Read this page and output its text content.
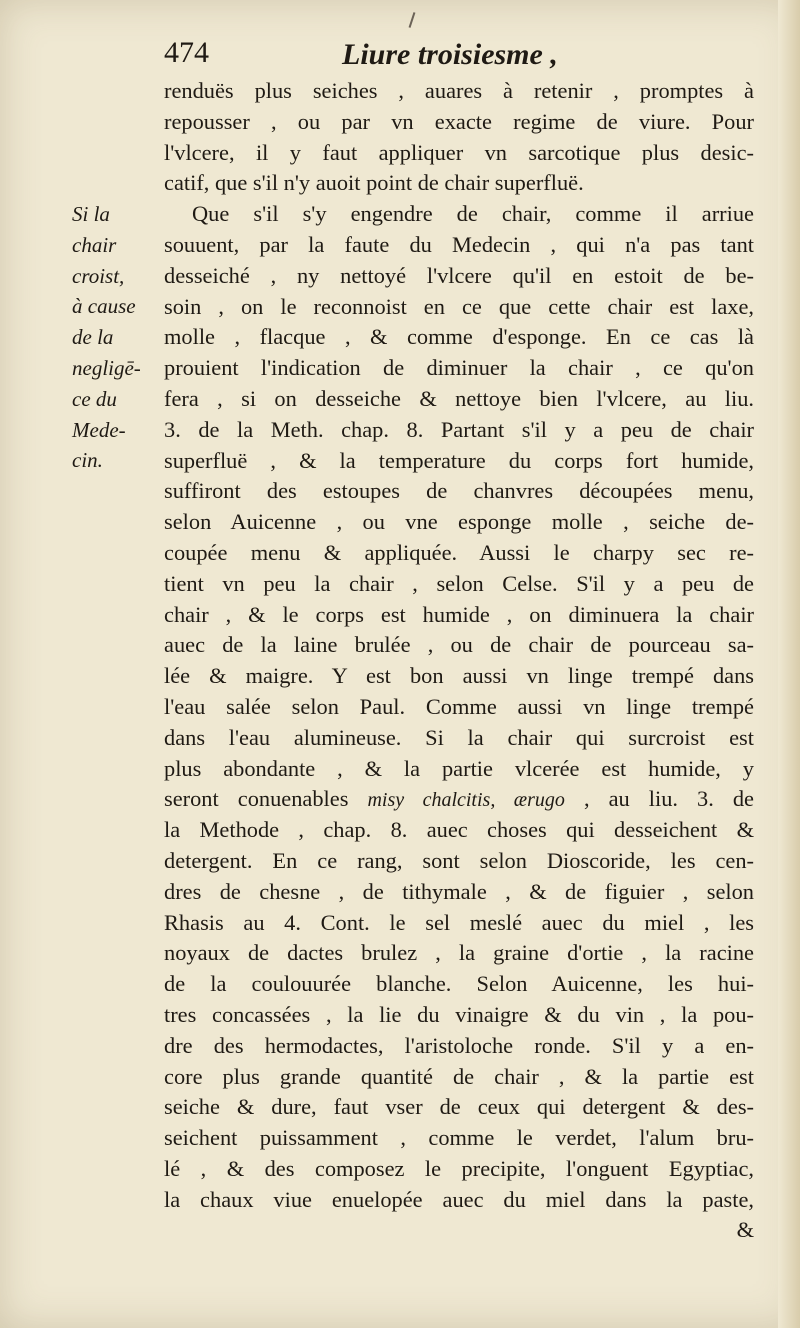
474	Liure troisiesme ,
Si la
chair
croist,
à cause
de la
negligē-
ce du
Mede-
cin.
renduës plus seiches , auares à retenir , promptes à
repousser , ou par vn exacte regime de viure. Pour
l'vlcere, il y faut appliquer vn sarcotique plus desic-
catif, que s'il n'y auoit point de chair superfluë.
Que s'il s'y engendre de chair, comme il arriue
souuent, par la faute du Medecin , qui n'a pas tant
desseiché , ny nettoyé l'vlcere qu'il en estoit de be-
soin , on le reconnoist en ce que cette chair est laxe,
molle , flacque , & comme d'esponge. En ce cas là
prouient l'indication de diminuer la chair , ce qu'on
fera , si on desseiche & nettoye bien l'vlcere, au liu.
3. de la Meth. chap. 8. Partant s'il y a peu de chair
superfluë , & la temperature du corps fort humide,
suffiront des estoupes de chanvres découpées menu,
selon Auicenne , ou vne esponge molle , seiche de-
coupée menu & appliquée. Aussi le charpy sec re-
tient vn peu la chair , selon Celse. S'il y a peu de
chair , & le corps est humide , on diminuera la chair
auec de la laine brulée , ou de chair de pourceau sa-
lée & maigre. Y est bon aussi vn linge trempé dans
l'eau salée selon Paul. Comme aussi vn linge trempé
dans l'eau alumineuse. Si la chair qui surcroist est
plus abondante , & la partie vlcerée est humide, y
seront conuenables misy chalcitis, ærugo , au liu. 3. de
la Methode , chap. 8. auec choses qui desseichent &
detergent. En ce rang, sont selon Dioscoride, les cen-
dres de chesne , de tithymale , & de figuier , selon
Rhasis au 4. Cont. le sel meslé auec du miel , les
noyaux de dactes brulez , la graine d'ortie , la racine
de la coulouurée blanche. Selon Auicenne, les hui-
tres concassées , la lie du vinaigre & du vin , la pou-
dre des hermodactes, l'aristoloche ronde. S'il y a en-
core plus grande quantité de chair , & la partie est
seiche & dure, faut vser de ceux qui detergent & des-
seichent puissamment , comme le verdet, l'alum bru-
lé , & des composez le precipite, l'onguent Egyptiac,
la chaux viue enuelopée auec du miel dans la paste,
&
